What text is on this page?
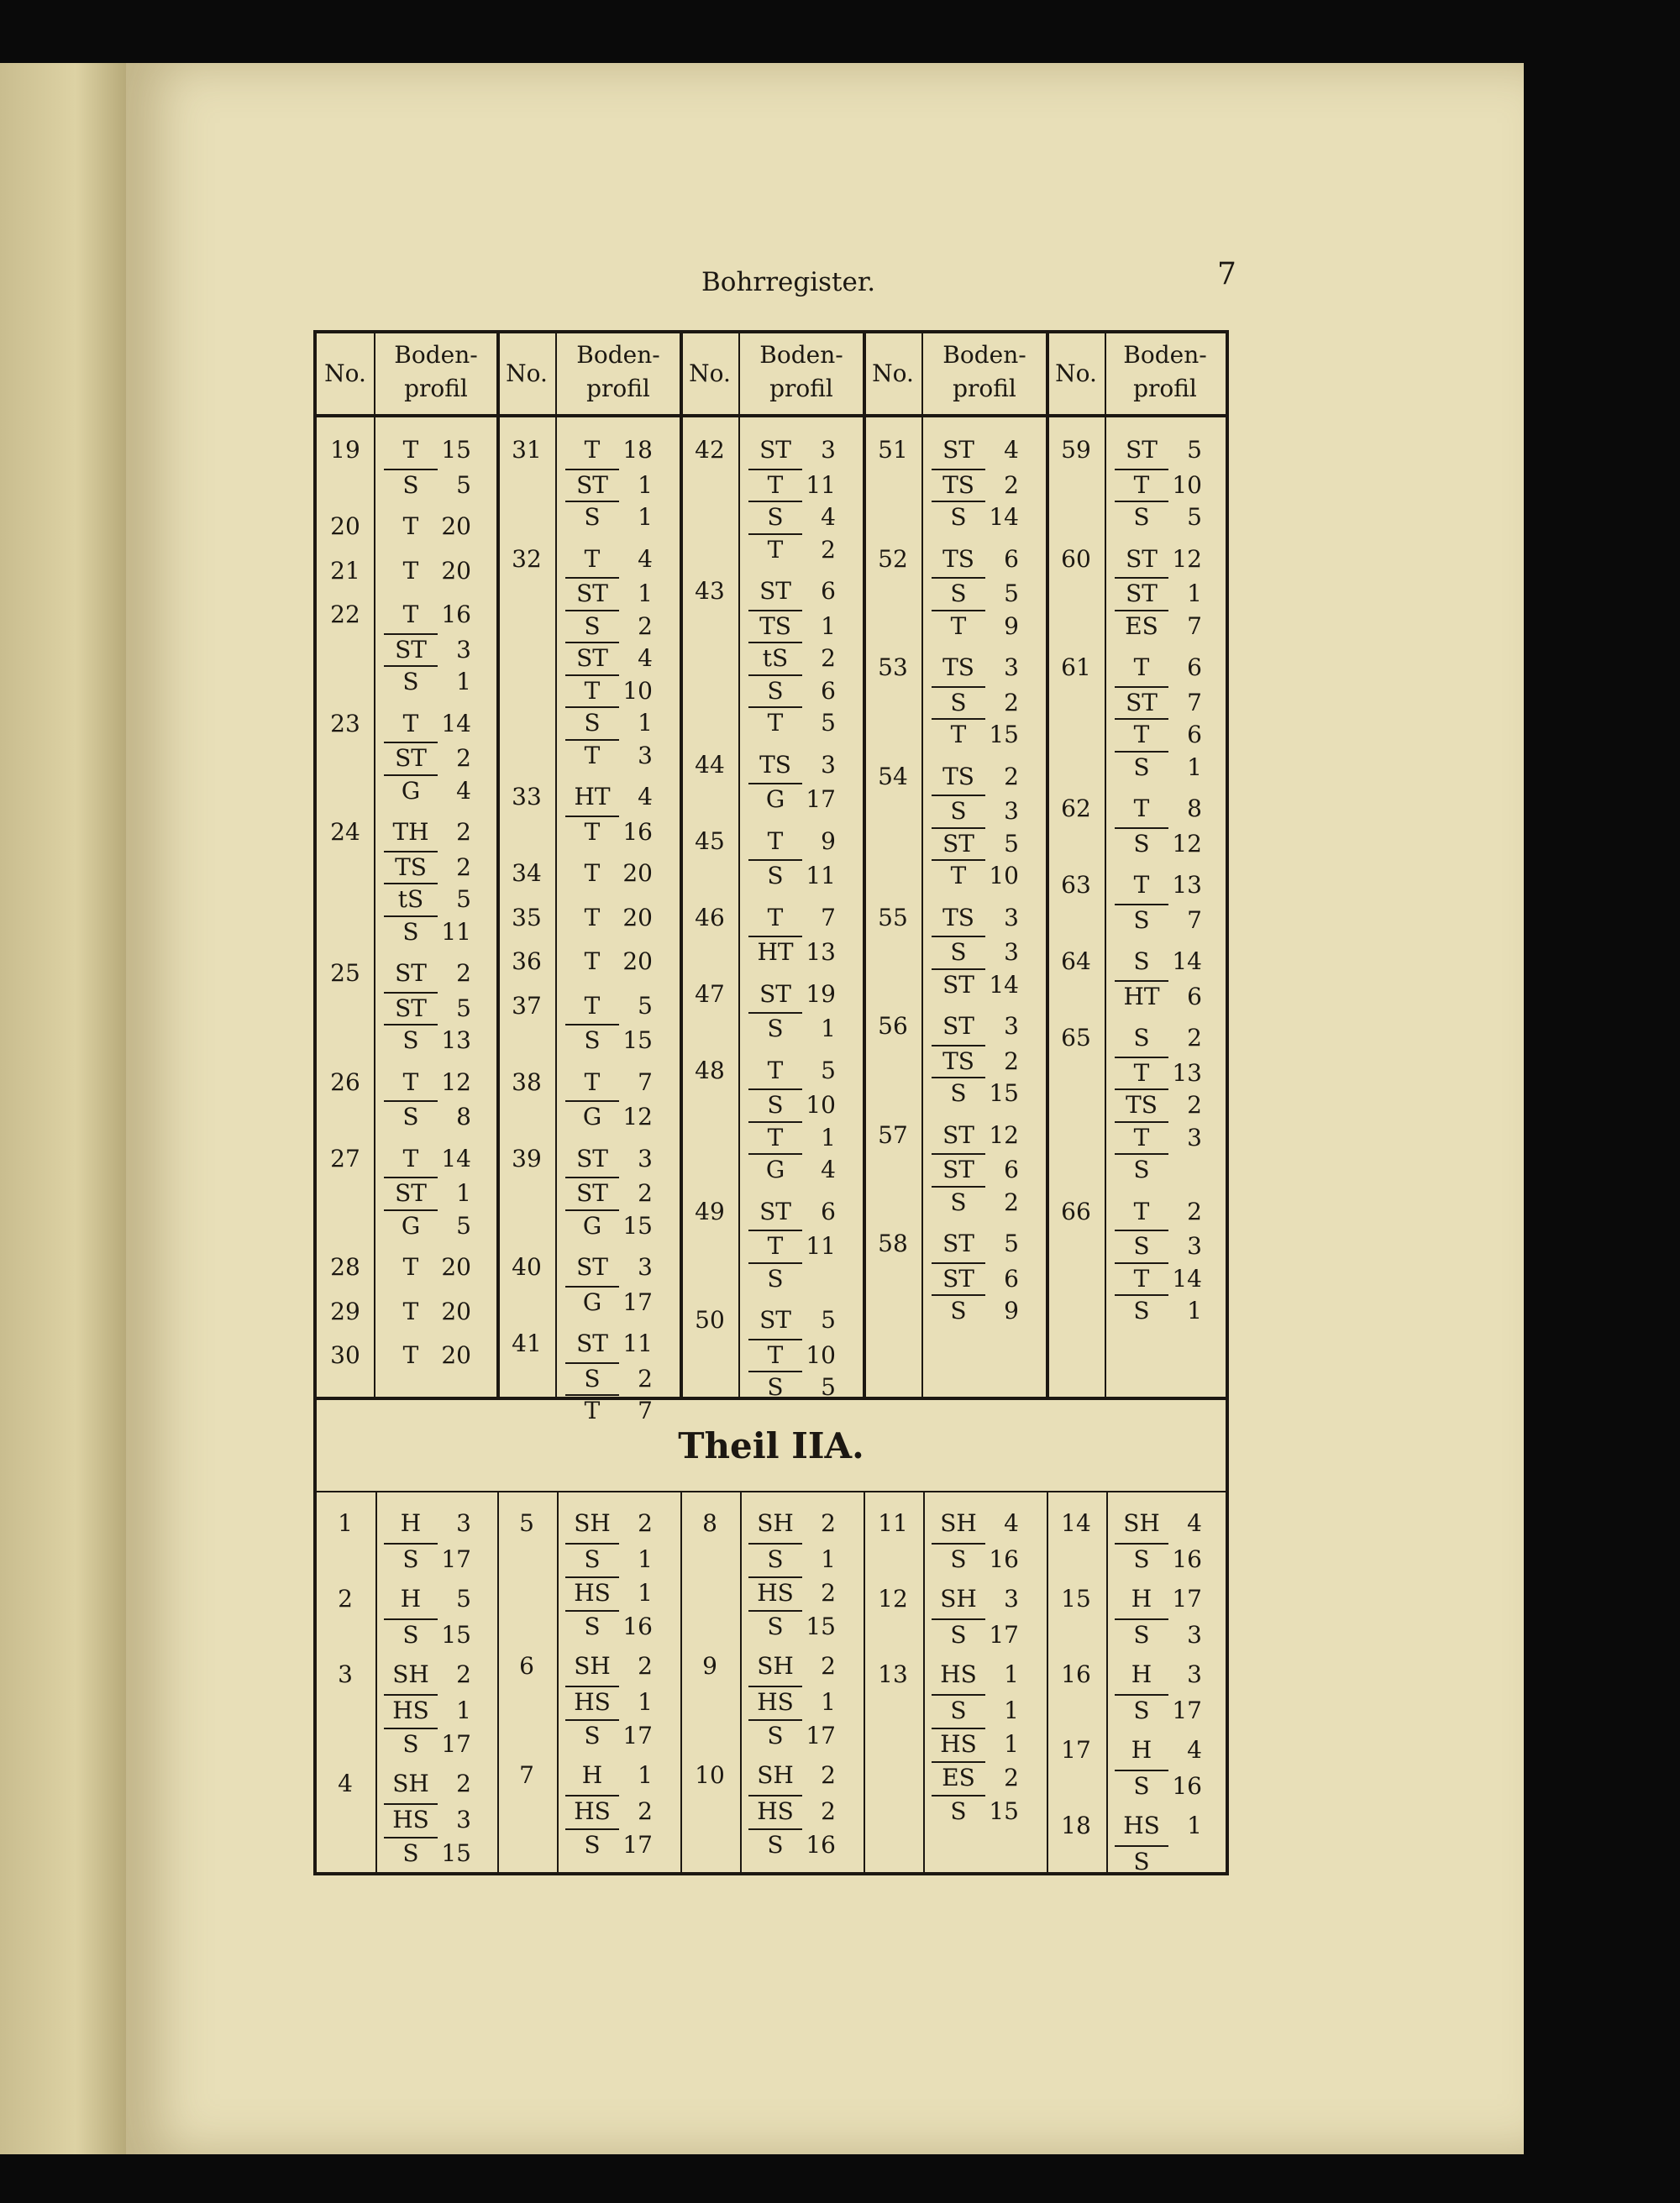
Bohrregister.	7
Theil IIA.
No.
Boden-
profil
No.
Boden-
profil
No.
Boden-
profil
No.
Boden-
profil
No.
Boden-
profil
19	T 15
S 5
20	T 20
21	T 20
22	T 16
ST 3
S 1
23	T 14
ST 2
G 4
24	TH 2
TS 2
tS 5
S 11
25	ST 2
ST 5
S 13
26	T 12
S 8
27	T 14
ST 1
G 5
28	T 20
29	T 20
30	T 20
31	T 18
ST 1
S 1
32	T 4
ST 1
S 2
ST 4
T 10
S 1
T 3
33	HT 4
T 16
34	T 20
35	T 20
36	T 20
37	T 5
S 15
38	T 7
G 12
39	ST 3
ST 2
G 15
40	ST 3
G 17
41	ST 11
S 2
T 7
42	ST 3
T 11
S 4
T 2
43	ST 6
TS 1
tS 2
S 6
T 5
44	TS 3
G 17
45	T 9
S 11
46	T 7
HT 13
47	ST 19
S 1
48	T 5
S 10
T 1
G 4
49	ST 6
T 11
S
50	ST 5
T 10
S 5
51	ST 4
TS 2
S 14
52	TS 6
S 5
T 9
53	TS 3
S 2
T 15
54	TS 2
S 3
ST 5
T 10
55	TS 3
S 3
ST 14
56	ST 3
TS 2
S 15
57	ST 12
ST 6
S 2
58	ST 5
ST 6
S 9
59	ST 5
T 10
S 5
60	ST 12
ST 1
ES 7
61	T 6
ST 7
T 6
S 1
62	T 8
S 12
63	T 13
S 7
64	S 14
HT 6
65	S 2
T 13
TS 2
T 3
S
66	T 2
S 3
T 14
S 1
1	H 3
S 17
2	H 5
S 15
3	SH 2
HS 1
S 17
4	SH 2
HS 3
S 15
5	SH 2
S 1
HS 1
S 16
6	SH 2
HS 1
S 17
7	H 1
HS 2
S 17
8	SH 2
S 1
HS 2
S 15
9	SH 2
HS 1
S 17
10	SH 2
HS 2
S 16
11	SH 4
S 16
12	SH 3
S 17
13	HS 1
S 1
HS 1
ES 2
S 15
14	SH 4
S 16
15	H 17
S 3
16	H 3
S 17
17	H 4
S 16
18	HS 1
S
